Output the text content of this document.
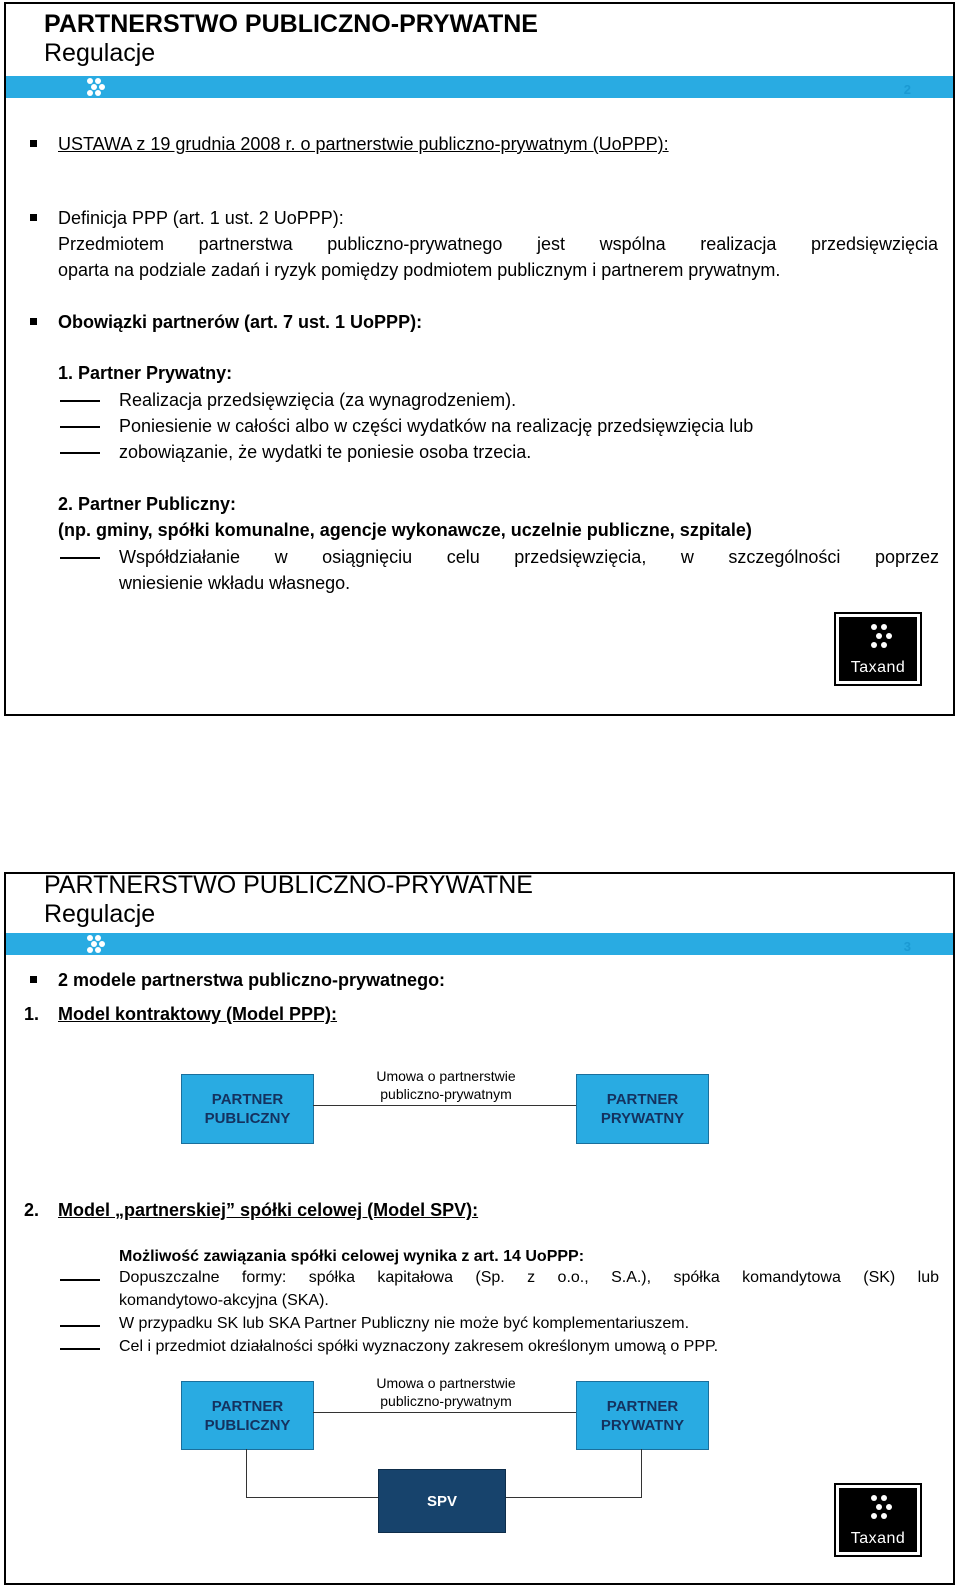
PARTNERSTWO PUBLICZNO-PRYWATNE
Regulacje
2
USTAWA z 19 grudnia 2008 r. o partnerstwie publiczno-prywatnym (UoPPP):
Definicja PPP (art. 1 ust. 2 UoPPP):
Przedmiotem partnerstwa publiczno-prywatnego jest wspólna realizacja przedsięwzięcia
oparta na podziale zadań i ryzyk pomiędzy podmiotem publicznym i partnerem prywatnym.
Obowiązki partnerów (art. 7 ust. 1 UoPPP):
1. Partner Prywatny:
Realizacja przedsięwzięcia (za wynagrodzeniem).
Poniesienie w całości albo w części wydatków na realizację przedsięwzięcia lub
zobowiązanie, że wydatki te poniesie osoba trzecia.
2. Partner Publiczny:
(np. gminy, spółki komunalne, agencje wykonawcze, uczelnie publiczne, szpitale)
Współdziałanie w osiągnięciu celu przedsięwzięcia, w szczególności poprzez
wniesienie wkładu własnego.
Taxand
PARTNERSTWO PUBLICZNO-PRYWATNE
Regulacje
3
2 modele partnerstwa publiczno-prywatnego:
1. Model kontraktowy (Model PPP):
PARTNER
PUBLICZNY
Umowa o partnerstwie
publiczno-prywatnym	PARTNER
PRYWATNY
2. Model „partnerskiej” spółki celowej (Model SPV):
Możliwość zawiązania spółki celowej wynika z art. 14 UoPPP:
Dopuszczalne formy: spółka kapitałowa (Sp. z o.o., S.A.), spółka komandytowa (SK) lub
komandytowo-akcyjna (SKA).
W przypadku SK lub SKA Partner Publiczny nie może być komplementariuszem.
Cel i przedmiot działalności spółki wyznaczony zakresem określonym umową o PPP.
PARTNER
PUBLICZNY
Umowa o partnerstwie
publiczno-prywatnym	PARTNER
PRYWATNY
SPV
Taxand
